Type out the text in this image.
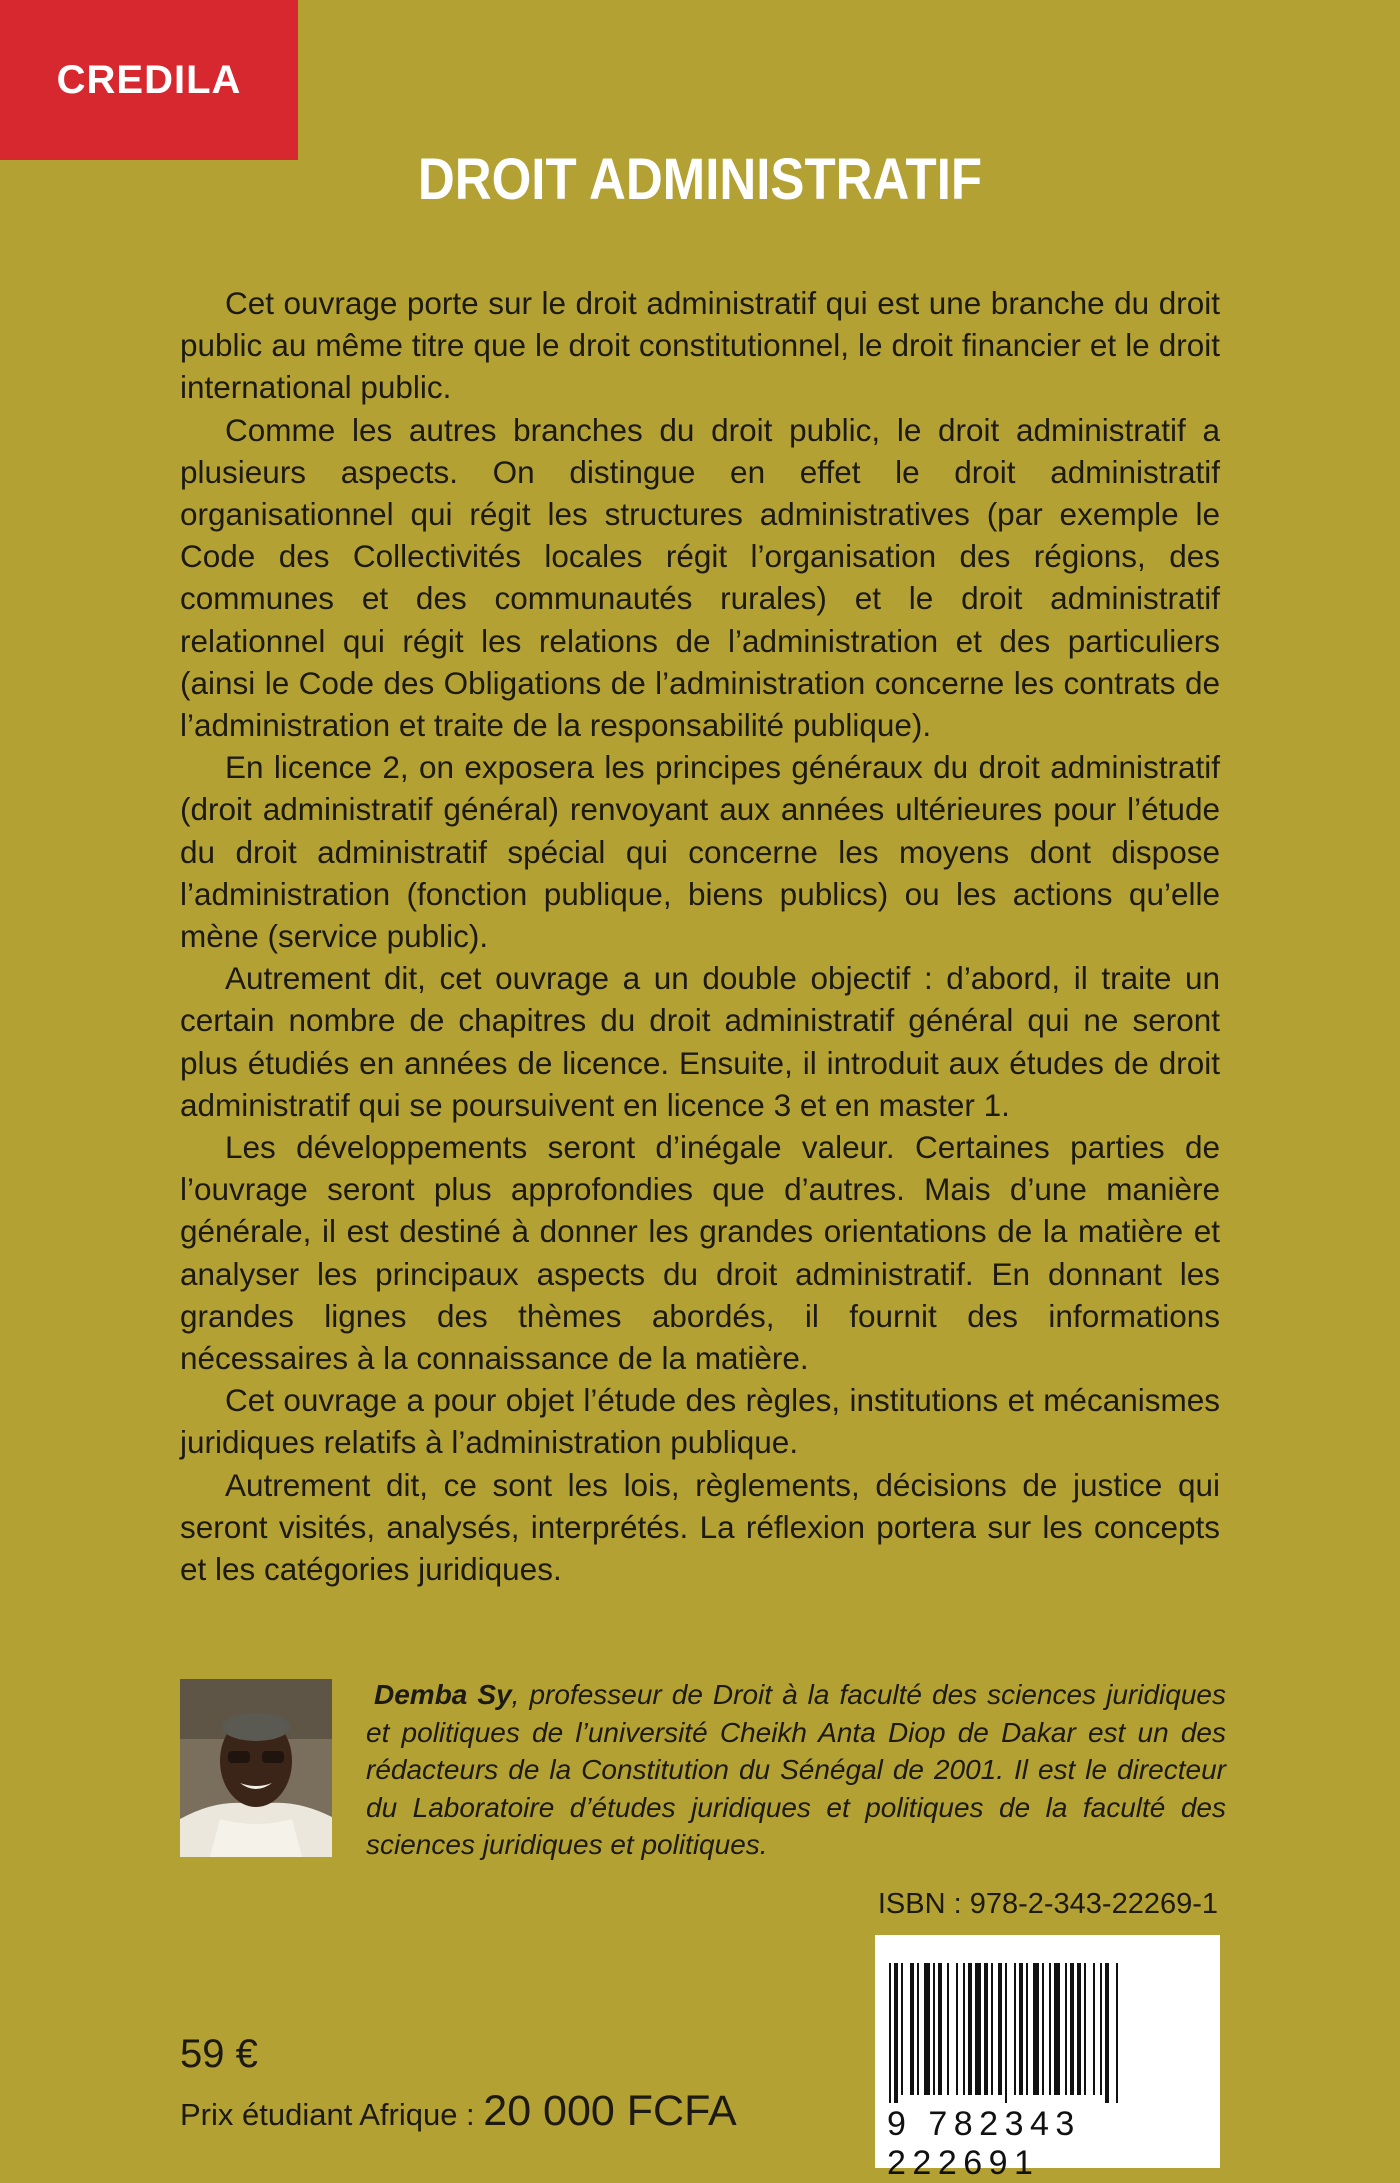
CREDILA
DROIT ADMINISTRATIF

Cet ouvrage porte sur le droit administratif qui est une branche du droit public au même titre que le droit constitutionnel, le droit financier et le droit international public.

Comme les autres branches du droit public, le droit administratif a plusieurs aspects. On distingue en effet le droit administratif organisationnel qui régit les structures administratives (par exemple le Code des Collectivités locales régit l’organisation des régions, des communes et des communautés rurales) et le droit administratif relationnel qui régit les relations de l’administration et des particuliers (ainsi le Code des Obligations de l’administration concerne les contrats de l’administration et traite de la responsabilité publique).

En licence 2, on exposera les principes généraux du droit administratif (droit administratif général) renvoyant aux années ultérieures pour l’étude du droit administratif spécial qui concerne les moyens dont dispose l’administration (fonction publique, biens publics) ou les actions qu’elle mène (service public).

Autrement dit, cet ouvrage a un double objectif : d’abord, il traite un certain nombre de chapitres du droit administratif général qui ne seront plus étudiés en années de licence. Ensuite, il introduit aux études de droit administratif qui se poursuivent en licence 3 et en master 1.

Les développements seront d’inégale valeur. Certaines parties de l’ouvrage seront plus approfondies que d’autres. Mais d’une manière générale, il est destiné à donner les grandes orientations de la matière et analyser les principaux aspects du droit administratif. En donnant les grandes lignes des thèmes abordés, il fournit des informations nécessaires à la connaissance de la matière.

Cet ouvrage a pour objet l’étude des règles, institutions et mécanismes juridiques relatifs à l’administration publique.

Autrement dit, ce sont les lois, règlements, décisions de justice qui seront visités, analysés, interprétés. La réflexion portera sur les concepts et les catégories juridiques.

Demba Sy, professeur de Droit à la faculté des sciences juridiques et politiques de l’université Cheikh Anta Diop de Dakar est un des rédacteurs de la Constitution du Sénégal de 2001. Il est le directeur du Laboratoire d’études juridiques et politiques de la faculté des sciences juridiques et politiques.
ISBN : 978-2-343-22269-1
9 782343 222691
59 €
Prix étudiant Afrique : 20 000 FCFA
